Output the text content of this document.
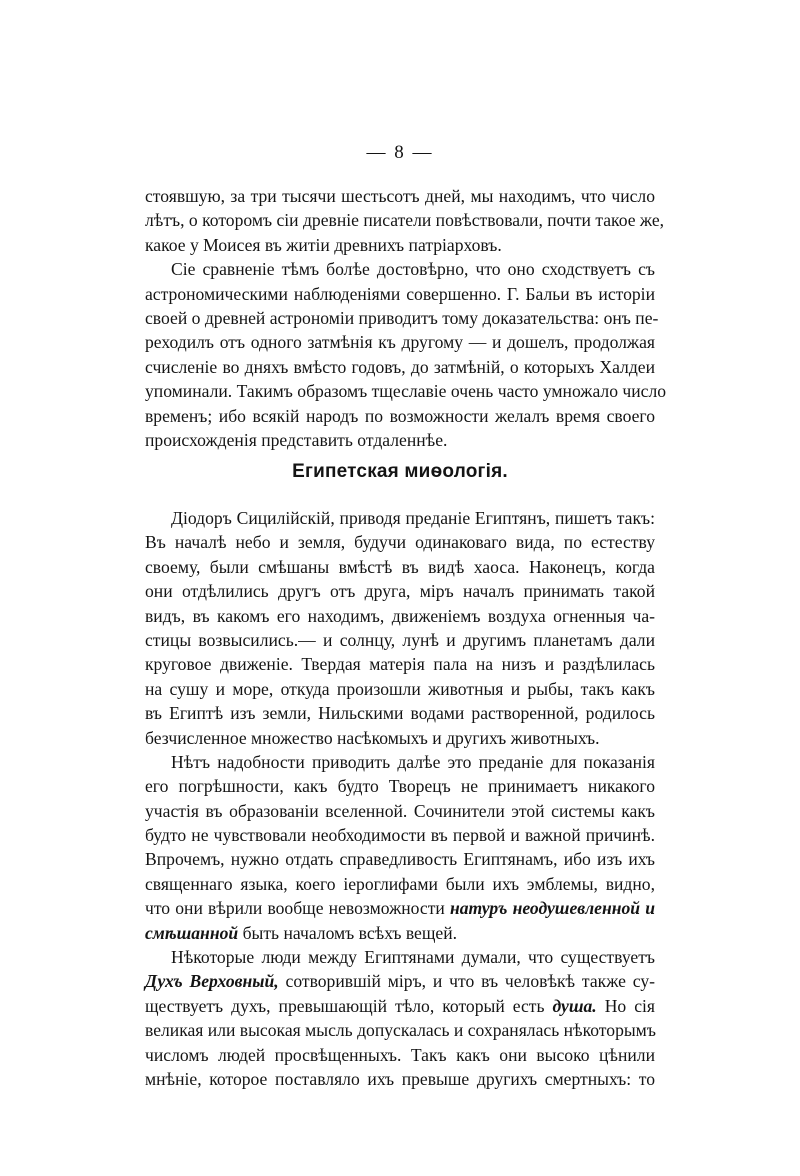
— 8 —
стоявшую, за три тысячи шестьсотъ дней, мы находимъ, что число
лѣтъ, о которомъ сіи древніе писатели повѣствовали, почти такое же,
какое у Моисея въ житіи древнихъ патріарховъ.
Сіе сравненіе тѣмъ болѣе достовѣрно, что оно сходствуетъ съ
астрономическими наблюденіями совершенно. Г. Бальи въ исторіи
своей о древней астрономіи приводитъ тому доказательства: онъ пе-
реходилъ отъ одного затмѣнія къ другому — и дошелъ, продолжая
счисленіе во дняхъ вмѣсто годовъ, до затмѣній, о которыхъ Халдеи
упоминали. Такимъ образомъ тщеславіе очень часто умножало число
временъ; ибо всякій народъ по возможности желалъ время своего
происхожденія представить отдаленнѣе.
Египетская миѳологія.
Діодоръ Сицилійскій, приводя преданіе Египтянъ, пишетъ такъ:
Въ началѣ небо и земля, будучи одинаковаго вида, по естеству
своему, были смѣшаны вмѣстѣ въ видѣ хаоса. Наконецъ, когда
они отдѣлились другъ отъ друга, міръ началъ принимать такой
видъ, въ какомъ его находимъ, движеніемъ воздуха огненныя ча-
стицы возвысились.— и солнцу, лунѣ и другимъ планетамъ дали
круговое движеніе. Твердая матерія пала на низъ и раздѣлилась
на сушу и море, откуда произошли животныя и рыбы, такъ какъ
въ Египтѣ изъ земли, Нильскими водами растворенной, родилось
безчисленное множество насѣкомыхъ и другихъ животныхъ.
Нѣтъ надобности приводить далѣе это преданіе для показанія
его погрѣшности, какъ будто Творецъ не принимаетъ никакого
участія въ образованіи вселенной. Сочинители этой системы какъ
будто не чувствовали необходимости въ первой и важной причинѣ.
Впрочемъ, нужно отдать справедливость Египтянамъ, ибо изъ ихъ
священнаго языка, коего іероглифами были ихъ эмблемы, видно,
что они вѣрили вообще невозможности натуръ неодушевленной и
смѣшанной быть началомъ всѣхъ вещей.
Нѣкоторые люди между Египтянами думали, что существуетъ
Духъ Верховный, сотворившій міръ, и что въ человѣкѣ также су-
ществуетъ духъ, превышающій тѣло, который есть душа. Но сія
великая или высокая мысль допускалась и сохранялась нѣкоторымъ
числомъ людей просвѣщенныхъ. Такъ какъ они высоко цѣнили
мнѣніе, которое поставляло ихъ превыше другихъ смертныхъ: то
